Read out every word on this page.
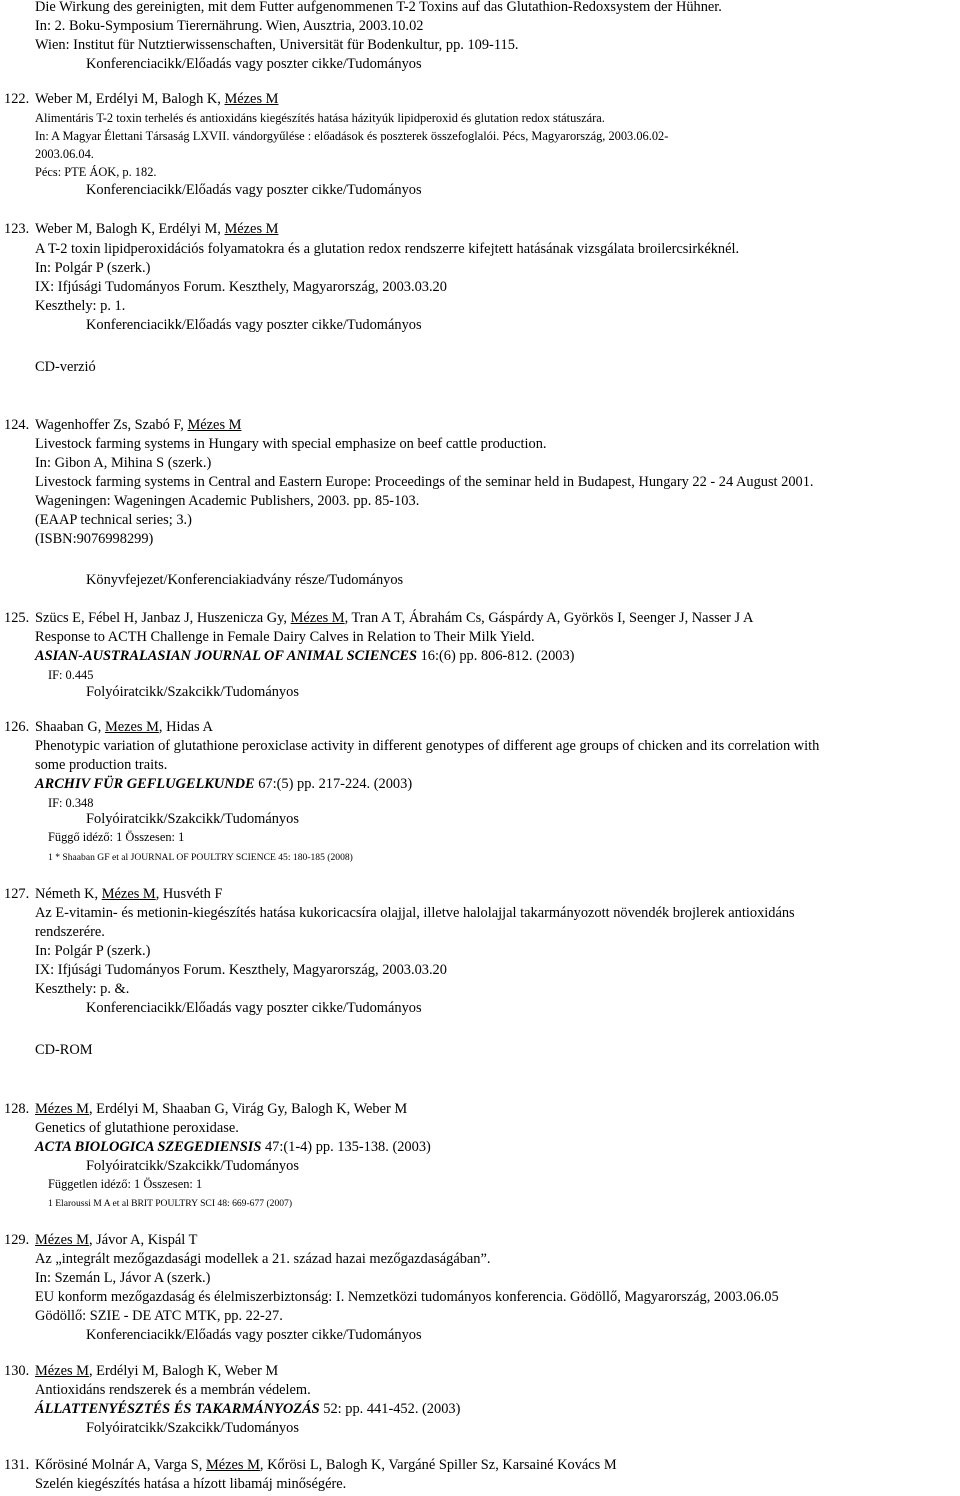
Die Wirkung des gereinigten, mit dem Futter aufgenommenen T-2 Toxins auf das Glutathion-Redoxsystem der Hühner.
In: 2. Boku-Symposium Tierernährung. Wien, Ausztria, 2003.10.02
Wien: Institut für Nutztierwissenschaften, Universität für Bodenkultur, pp. 109-115.
Konferenciacikk/Előadás vagy poszter cikke/Tudományos
122. Weber M, Erdélyi M, Balogh K, Mézes M
Alimentáris T-2 toxin terhelés és antioxidáns kiegészítés hatása házityúk lipidperoxid és glutation redox státuszára.
In: A Magyar Élettani Társaság LXVII. vándorgyűlése : előadások és poszterek összefoglalói. Pécs, Magyarország, 2003.06.02-
2003.06.04.
Pécs: PTE ÁOK, p. 182.
Konferenciacikk/Előadás vagy poszter cikke/Tudományos
123. Weber M, Balogh K, Erdélyi M, Mézes M
A T-2 toxin lipidperoxidációs folyamatokra és a glutation redox rendszerre kifejtett hatásának vizsgálata broilercsirkéknél.
In: Polgár P (szerk.)
IX: Ifjúsági Tudományos Forum. Keszthely, Magyarország, 2003.03.20
Keszthely: p. 1.
Konferenciacikk/Előadás vagy poszter cikke/Tudományos
CD-verzió
124. Wagenhoffer Zs, Szabó F, Mézes M
Livestock farming systems in Hungary with special emphasize on beef cattle production.
In: Gibon A, Mihina S (szerk.)
Livestock farming systems in Central and Eastern Europe: Proceedings of the seminar held in Budapest, Hungary 22 - 24 August 2001.
Wageningen: Wageningen Academic Publishers, 2003. pp. 85-103.
(EAAP technical series; 3.)
(ISBN:9076998299)
Könyvfejezet/Konferenciakiadvány része/Tudományos
125. Szücs E, Fébel H, Janbaz J, Huszenicza Gy, Mézes M, Tran A T, Ábrahám Cs, Gáspárdy A, Györkös I, Seenger J, Nasser J A
Response to ACTH Challenge in Female Dairy Calves in Relation to Their Milk Yield.
ASIAN-AUSTRALASIAN JOURNAL OF ANIMAL SCIENCES 16:(6) pp. 806-812. (2003)
IF: 0.445
Folyóiratcikk/Szakcikk/Tudományos
126. Shaaban G, Mezes M, Hidas A
Phenotypic variation of glutathione peroxiclase activity in different genotypes of different age groups of chicken and its correlation with
some production traits.
ARCHIV FÜR GEFLUGELKUNDE 67:(5) pp. 217-224. (2003)
IF: 0.348
Folyóiratcikk/Szakcikk/Tudományos
Függő idéző: 1 Összesen: 1
1 * Shaaban GF et al JOURNAL OF POULTRY SCIENCE 45: 180-185 (2008)
127. Németh K, Mézes M, Husvéth F
Az E-vitamin- és metionin-kiegészítés hatása kukoricacsíra olajjal, illetve halolajjal takarmányozott növendék brojlerek antioxidáns
rendszerére.
In: Polgár P (szerk.)
IX: Ifjúsági Tudományos Forum. Keszthely, Magyarország, 2003.03.20
Keszthely: p. &.
Konferenciacikk/Előadás vagy poszter cikke/Tudományos
CD-ROM
128. Mézes M, Erdélyi M, Shaaban G, Virág Gy, Balogh K, Weber M
Genetics of glutathione peroxidase.
ACTA BIOLOGICA SZEGEDIENSIS 47:(1-4) pp. 135-138. (2003)
Folyóiratcikk/Szakcikk/Tudományos
Független idéző: 1 Összesen: 1
1 Elaroussi M A et al BRIT POULTRY SCI 48: 669-677 (2007)
129. Mézes M, Jávor A, Kispál T
Az „integrált mezőgazdasági modellek a 21. század hazai mezőgazdaságában”.
In: Szemán L, Jávor A (szerk.)
EU konform mezőgazdaság és élelmiszerbiztonság: I. Nemzetközi tudományos konferencia. Gödöllő, Magyarország, 2003.06.05
Gödöllő: SZIE - DE ATC MTK, pp. 22-27.
Konferenciacikk/Előadás vagy poszter cikke/Tudományos
130. Mézes M, Erdélyi M, Balogh K, Weber M
Antioxidáns rendszerek és a membrán védelem.
ÁLLATTENYÉSZTÉS ÉS TAKARMÁNYOZÁS 52: pp. 441-452. (2003)
Folyóiratcikk/Szakcikk/Tudományos
131. Kőrösiné Molnár A, Varga S, Mézes M, Kőrösi L, Balogh K, Vargáné Spiller Sz, Karsainé Kovács M
Szelén kiegészítés hatása a hízott libamáj minőségére.
